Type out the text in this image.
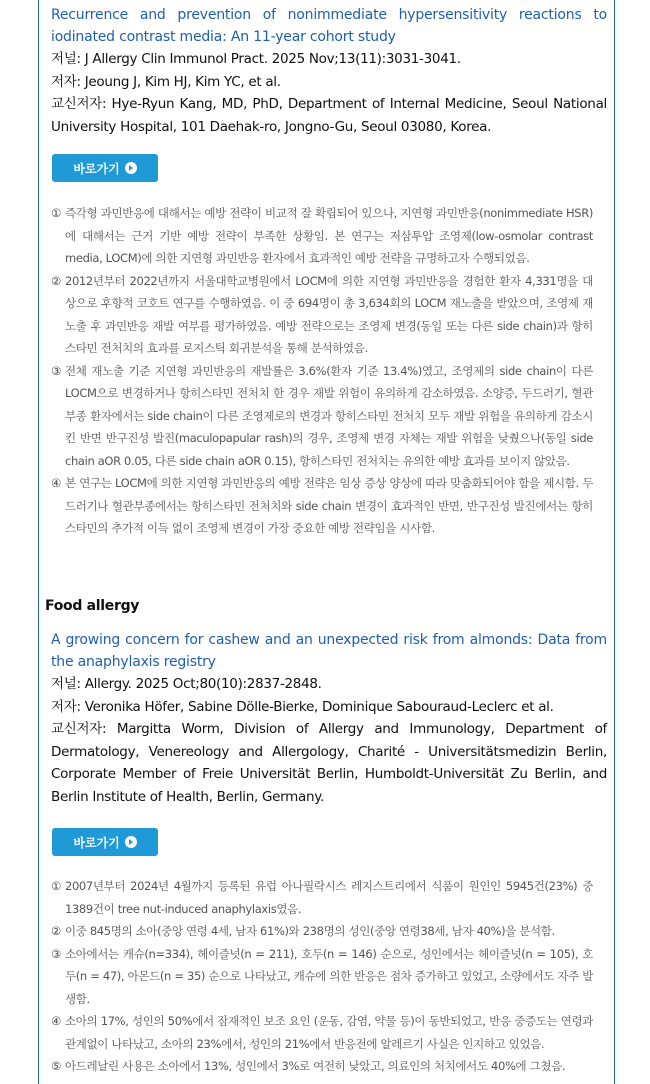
Recurrence and prevention of nonimmediate hypersensitivity reactions to iodinated contrast media: An 11-year cohort study

저널: J Allergy Clin Immunol Pract. 2025 Nov;13(11):3031-3041.

저자: Jeoung J, Kim HJ, Kim YC, et al.

교신저자: Hye-Ryun Kang, MD, PhD, Department of Internal Medicine, Seoul National University Hospital, 101 Daehak-ro, Jongno-Gu, Seoul 03080, Korea.

바로가기
① 즉각형 과민반응에 대해서는 예방 전략이 비교적 잘 확립되어 있으나, 지연형 과민반응(nonimmediate HSR)에 대해서는 근거 기반 예방 전략이 부족한 상황임. 본 연구는 저삼투압 조영제(low-osmolar contrast media, LOCM)에 의한 지연형 과민반응 환자에서 효과적인 예방 전략을 규명하고자 수행되었음.
② 2012년부터 2022년까지 서울대학교병원에서 LOCM에 의한 지연형 과민반응을 경험한 환자 4,331명을 대상으로 후향적 코호트 연구를 수행하였음. 이 중 694명이 총 3,634회의 LOCM 재노출을 받았으며, 조영제 재노출 후 과민반응 재발 여부를 평가하였음. 예방 전략으로는 조영제 변경(동일 또는 다른 side chain)과 항히스타민 전처치의 효과를 로지스틱 회귀분석을 통해 분석하였음.
③ 전체 재노출 기준 지연형 과민반응의 재발률은 3.6%(환자 기준 13.4%)였고, 조영제의 side chain이 다른 LOCM으로 변경하거나 항히스타민 전처치 한 경우 재발 위험이 유의하게 감소하였음. 소양증, 두드러기, 혈관부종 환자에서는 side chain이 다른 조영제로의 변경과 항히스타민 전처치 모두 재발 위험을 유의하게 감소시킨 반면 반구진성 발진(maculopapular rash)의 경우, 조영제 변경 자체는 재발 위험을 낮췄으나(동일 side chain aOR 0.05, 다른 side chain aOR 0.15), 항히스타민 전처치는 유의한 예방 효과를 보이지 않았음.
④ 본 연구는 LOCM에 의한 지연형 과민반응의 예방 전략은 임상 증상 양상에 따라 맞춤화되어야 함을 제시함. 두드러기나 혈관부종에서는 항히스타민 전처치와 side chain 변경이 효과적인 반면, 반구진성 발진에서는 항히스타민의 추가적 이득 없이 조영제 변경이 가장 중요한 예방 전략임을 시사함.
Food allergy

A growing concern for cashew and an unexpected risk from almonds: Data from the anaphylaxis registry

저널: Allergy. 2025 Oct;80(10):2837-2848.

저자: Veronika Höfer, Sabine Dölle-Bierke, Dominique Sabouraud-Leclerc et al.

교신저자: Margitta Worm, Division of Allergy and Immunology, Department of Dermatology, Venereology and Allergology, Charité - Universitätsmedizin Berlin, Corporate Member of Freie Universität Berlin, Humboldt-Universität Zu Berlin, and Berlin Institute of Health, Berlin, Germany.

바로가기
① 2007년부터 2024년 4월까지 등록된 유럽 아나필락시스 레지스트리에서 식품이 원인인 5945건(23%) 중 1389건이 tree nut-induced anaphylaxis였음.
② 이중 845명의 소아(중앙 연령 4세, 남자 61%)와 238명의 성인(중앙 연령38세, 남자 40%)을 분석함.
③ 소아에서는 캐슈(n=334), 헤이즐넛(n = 211), 호두(n = 146) 순으로, 성인에서는 헤이즐넛(n = 105), 호두(n = 47), 아몬드(n = 35) 순으로 나타났고, 캐슈에 의한 반응은 점차 증가하고 있었고, 소량에서도 자주 발생함.
④ 소아의 17%, 성인의 50%에서 잠재적인 보조 요인 (운동, 감염, 약물 등)이 동반되었고, 반응 중증도는 연령과 관계없이 나타났고, 소아의 23%에서, 성인의 21%에서 반응전에 알레르기 사실은 인지하고 있었음.
⑤ 아드레날린 사용은 소아에서 13%, 성인에서 3%로 여전히 낮았고, 의료인의 처치에서도 40%에 그쳤음.
